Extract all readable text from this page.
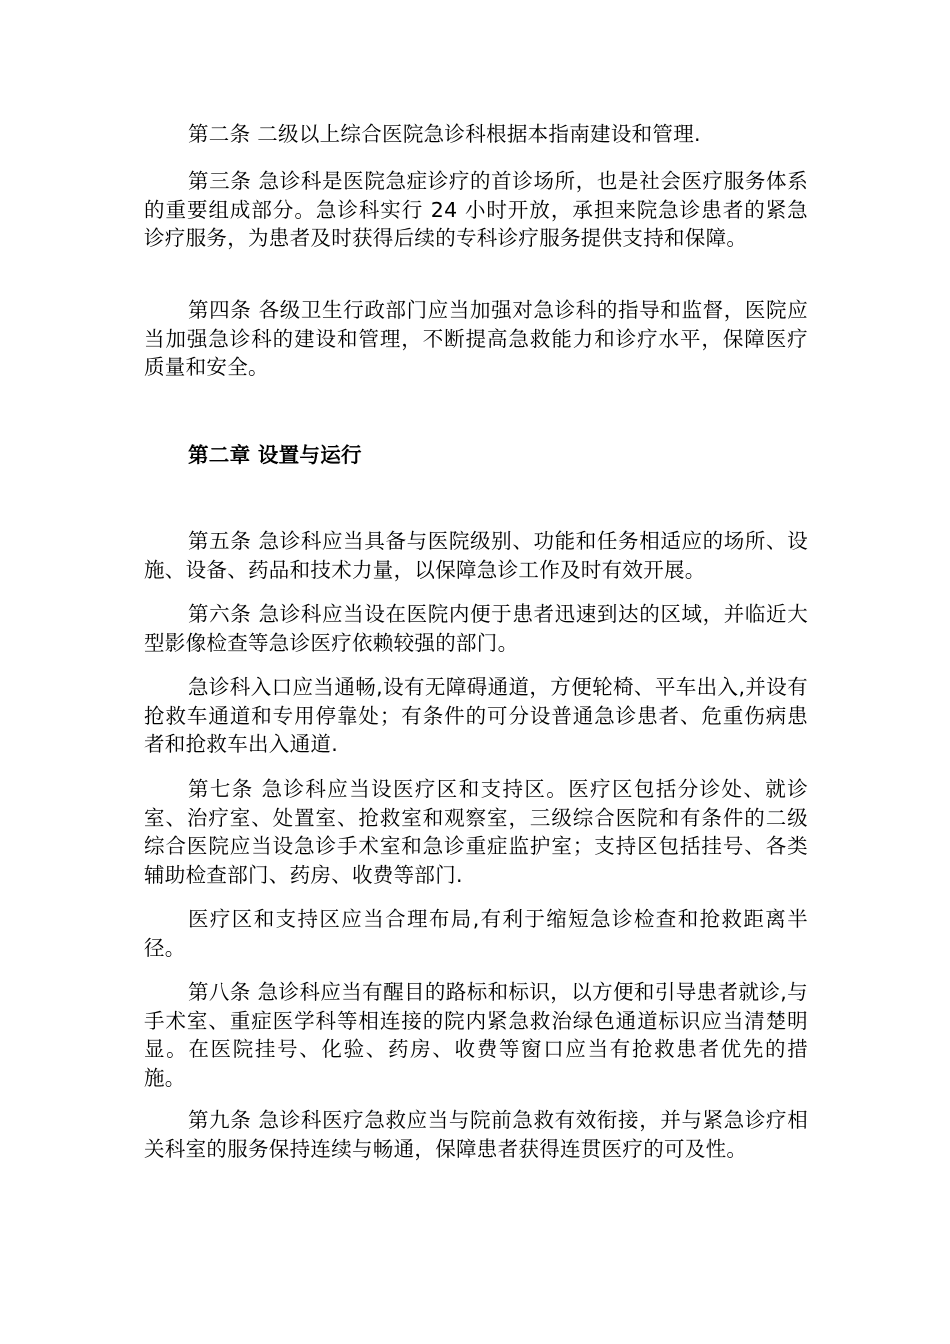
第二条 二级以上综合医院急诊科根据本指南建设和管理.

第三条 急诊科是医院急症诊疗的首诊场所，也是社会医疗服务体系的重要组成部分。急诊科实行 24 小时开放，承担来院急诊患者的紧急诊疗服务，为患者及时获得后续的专科诊疗服务提供支持和保障。

第四条 各级卫生行政部门应当加强对急诊科的指导和监督，医院应当加强急诊科的建设和管理，不断提高急救能力和诊疗水平，保障医疗质量和安全。

第二章 设置与运行

第五条 急诊科应当具备与医院级别、功能和任务相适应的场所、设施、设备、药品和技术力量，以保障急诊工作及时有效开展。

第六条 急诊科应当设在医院内便于患者迅速到达的区域，并临近大型影像检查等急诊医疗依赖较强的部门。

急诊科入口应当通畅,设有无障碍通道，方便轮椅、平车出入,并设有抢救车通道和专用停靠处；有条件的可分设普通急诊患者、危重伤病患者和抢救车出入通道.

第七条 急诊科应当设医疗区和支持区。医疗区包括分诊处、就诊室、治疗室、处置室、抢救室和观察室，三级综合医院和有条件的二级综合医院应当设急诊手术室和急诊重症监护室；支持区包括挂号、各类辅助检查部门、药房、收费等部门.

医疗区和支持区应当合理布局,有利于缩短急诊检查和抢救距离半径。

第八条 急诊科应当有醒目的路标和标识，以方便和引导患者就诊,与手术室、重症医学科等相连接的院内紧急救治绿色通道标识应当清楚明显。在医院挂号、化验、药房、收费等窗口应当有抢救患者优先的措施。

第九条 急诊科医疗急救应当与院前急救有效衔接，并与紧急诊疗相关科室的服务保持连续与畅通，保障患者获得连贯医疗的可及性。
